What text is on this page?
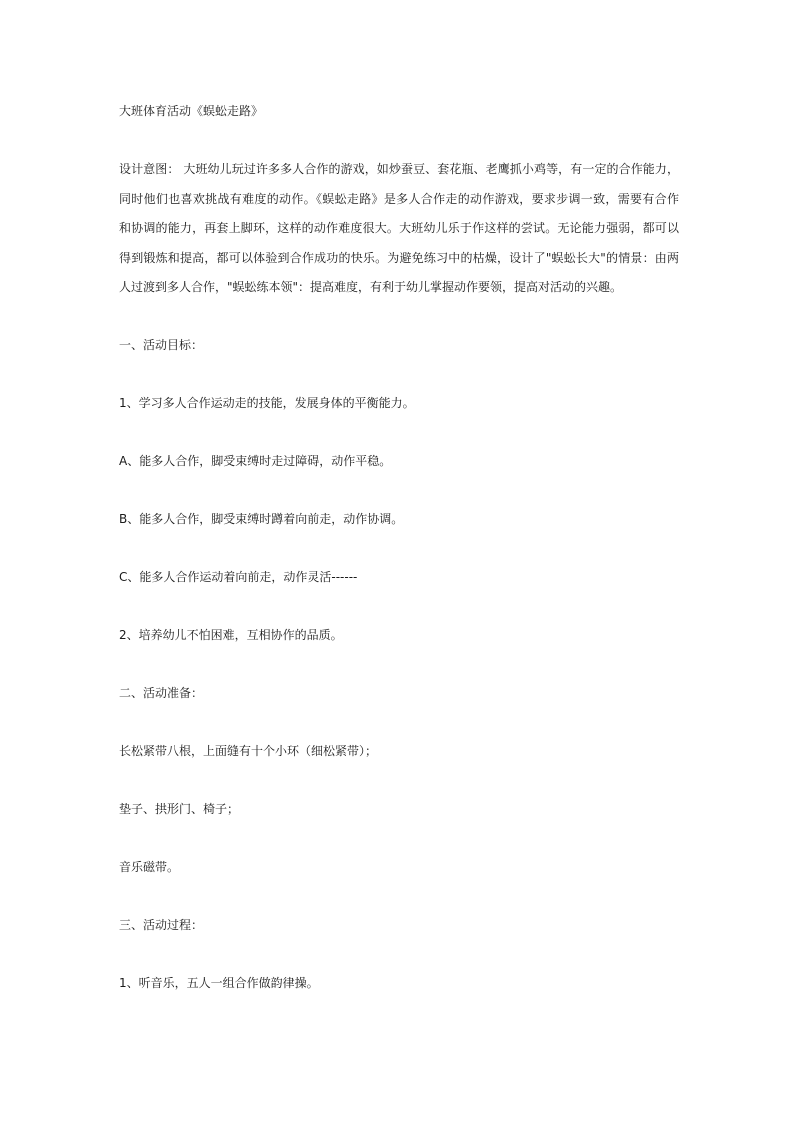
大班体育活动《蜈蚣走路》

设计意图： 大班幼儿玩过许多多人合作的游戏，如炒蚕豆、套花瓶、老鹰抓小鸡等，有一定的合作能力，
同时他们也喜欢挑战有难度的动作。《蜈蚣走路》是多人合作走的动作游戏，要求步调一致，需要有合作
和协调的能力，再套上脚环，这样的动作难度很大。大班幼儿乐于作这样的尝试。无论能力强弱，都可以
得到锻炼和提高，都可以体验到合作成功的快乐。为避免练习中的枯燥，设计了"蜈蚣长大"的情景：由两
人过渡到多人合作，"蜈蚣练本领"：提高难度，有利于幼儿掌握动作要领，提高对活动的兴趣。

一、活动目标：

1、学习多人合作运动走的技能，发展身体的平衡能力。

A、能多人合作，脚受束缚时走过障碍，动作平稳。

B、能多人合作，脚受束缚时蹲着向前走，动作协调。

C、能多人合作运动着向前走，动作灵活------

2、培养幼儿不怕困难，互相协作的品质。

二、活动准备：

长松紧带八根，上面缝有十个小环（细松紧带）；

垫子、拱形门、椅子；

音乐磁带。

三、活动过程：

1、听音乐，五人一组合作做韵律操。
